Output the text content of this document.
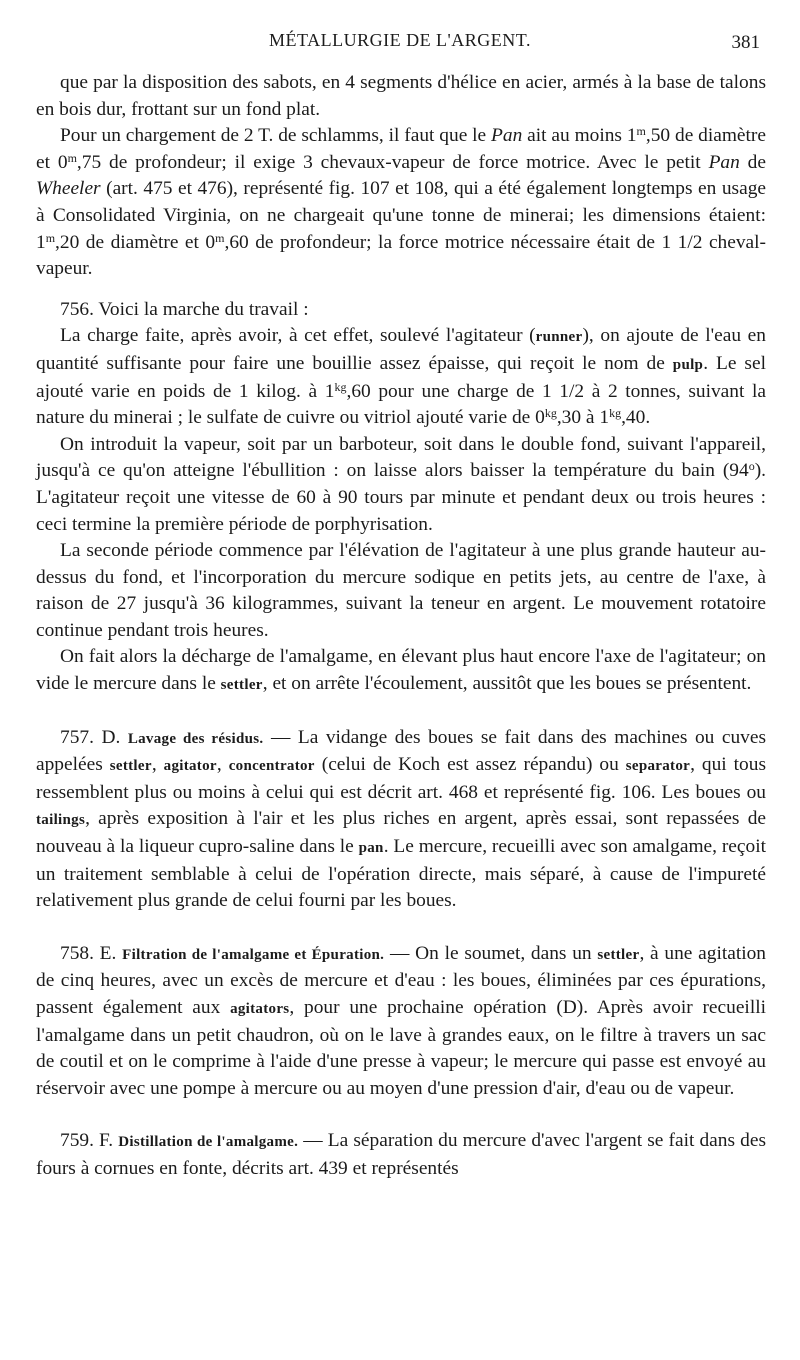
MÉTALLURGIE DE L'ARGENT.	381

que par la disposition des sabots, en 4 segments d'hélice en acier, armés à la base de talons en bois dur, frottant sur un fond plat.

Pour un chargement de 2 T. de schlamms, il faut que le Pan ait au moins 1$^m$,50 de diamètre et 0$^m$,75 de profondeur; il exige 3 chevaux-vapeur de force motrice. Avec le petit Pan de Wheeler (art. 475 et 476), représenté fig. 107 et 108, qui a été également longtemps en usage à Consolidated Virginia, on ne chargeait qu'une tonne de minerai; les dimensions étaient: 1$^m$,20 de diamètre et 0$^m$,60 de profondeur; la force motrice nécessaire était de 1 1/2 cheval-vapeur.

756. Voici la marche du travail :

La charge faite, après avoir, à cet effet, soulevé l'agitateur (runner), on ajoute de l'eau en quantité suffisante pour faire une bouillie assez épaisse, qui reçoit le nom de pulp. Le sel ajouté varie en poids de 1 kilog. à $1^{kg},60$ pour une charge de 1 1/2 à 2 tonnes, suivant la nature du minerai ; le sulfate de cuivre ou vitriol ajouté varie de $0^{kg},30$ à $1^{kg},40$.

On introduit la vapeur, soit par un barboteur, soit dans le double fond, suivant l'appareil, jusqu'à ce qu'on atteigne l'ébullition : on laisse alors baisser la température du bain (94$^o$). L'agitateur reçoit une vitesse de 60 à 90 tours par minute et pendant deux ou trois heures : ceci termine la première période de porphyrisation.

La seconde période commence par l'élévation de l'agitateur à une plus grande hauteur au-dessus du fond, et l'incorporation du mercure sodique en petits jets, au centre de l'axe, à raison de 27 jusqu'à 36 kilogrammes, suivant la teneur en argent. Le mouvement rotatoire continue pendant trois heures.

On fait alors la décharge de l'amalgame, en élevant plus haut encore l'axe de l'agitateur; on vide le mercure dans le settler, et on arrête l'écoulement, aussitôt que les boues se présentent.

757. D. Lavage des résidus. — La vidange des boues se fait dans des machines ou cuves appelées settler, agitator, concentrator (celui de Koch est assez répandu) ou separator, qui tous ressemblent plus ou moins à celui qui est décrit art. 468 et représenté fig. 106. Les boues ou tailings, après exposition à l'air et les plus riches en argent, après essai, sont repassées de nouveau à la liqueur cupro-saline dans le pan. Le mercure, recueilli avec son amalgame, reçoit un traitement semblable à celui de l'opération directe, mais séparé, à cause de l'impureté relativement plus grande de celui fourni par les boues.

758. E. Filtration de l'amalgame et Épuration. — On le soumet, dans un settler, à une agitation de cinq heures, avec un excès de mercure et d'eau : les boues, éliminées par ces épurations, passent également aux agitators, pour une prochaine opération (D). Après avoir recueilli l'amalgame dans un petit chaudron, où on le lave à grandes eaux, on le filtre à travers un sac de coutil et on le comprime à l'aide d'une presse à vapeur; le mercure qui passe est envoyé au réservoir avec une pompe à mercure ou au moyen d'une pression d'air, d'eau ou de vapeur.

759. F. Distillation de l'amalgame. — La séparation du mercure d'avec l'argent se fait dans des fours à cornues en fonte, décrits art. 439 et représentés
